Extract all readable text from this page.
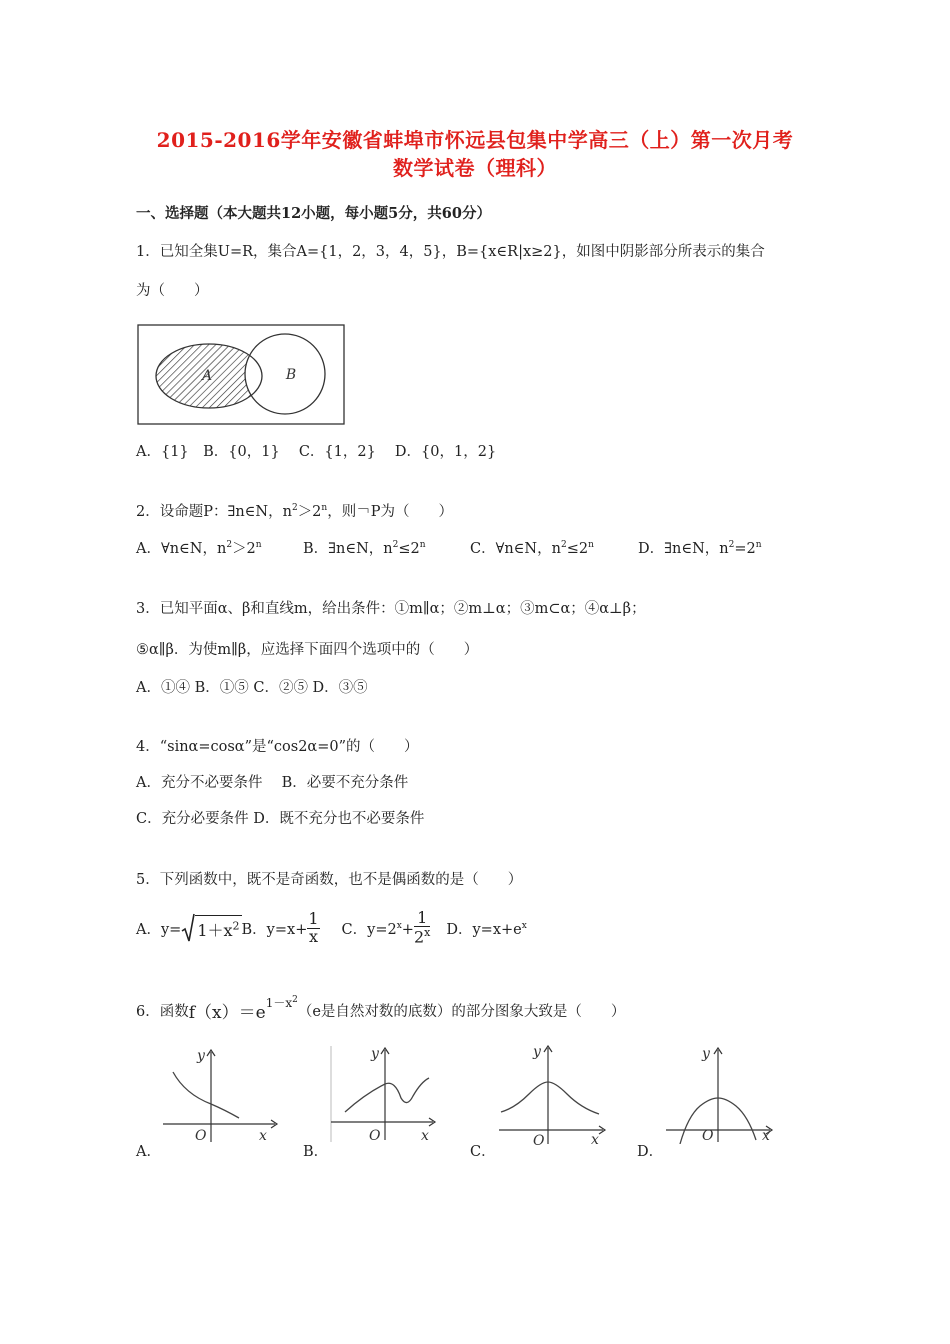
2015-2016学年安徽省蚌埠市怀远县包集中学高三（上）第一次月考
数学试卷（理科）
一、选择题（本大题共12小题，每小题5分，共60分）
1．已知全集U=R，集合A={1，2，3，4，5}，B={x∈R|x≥2}，如图中阴影部分所表示的集合
为（　　）
A	B
A．{1}　B．{0，1}　 C．{1，2}　 D．{0，1，2}
2．设命题P：∃n∈N，$n^2>2^n$，则￢P为（　　）
A．∀n∈N，$n^2>2^n$	B．∃n∈N，$n^2\le 2^n$	C．∀n∈N，$n^2\le 2^n$	D．∃n∈N，$n^2=2^n$
3．已知平面α、β和直线m，给出条件：①m∥α；②m⊥α；③m⊂α；④α⊥β；
⑤α∥β．为使m∥β，应选择下面四个选项中的（　　）
A．①④ B．①⑤ C．②⑤ D．③⑤
4．“sinα=cosα”是“cos2α=0”的（　　）
A．充分不必要条件　 B．必要不充分条件
C．充分必要条件 D．既不充分也不必要条件
5．下列函数中，既不是奇函数，也不是偶函数的是（　　）
A．y=	$1+x^2$ B．$y=x+ \frac{1}{x}$ C．$y=2^x+ \frac{1}{2^x}$ D．$y=x+e^x$
6．函数 $f(x)=e^{1-x^2}$
（e是自然对数的底数）的部分图象大致是（　　）
y
x
O
y
x
O
y
x
O
y
x
O
A．	B．	C．	D．
